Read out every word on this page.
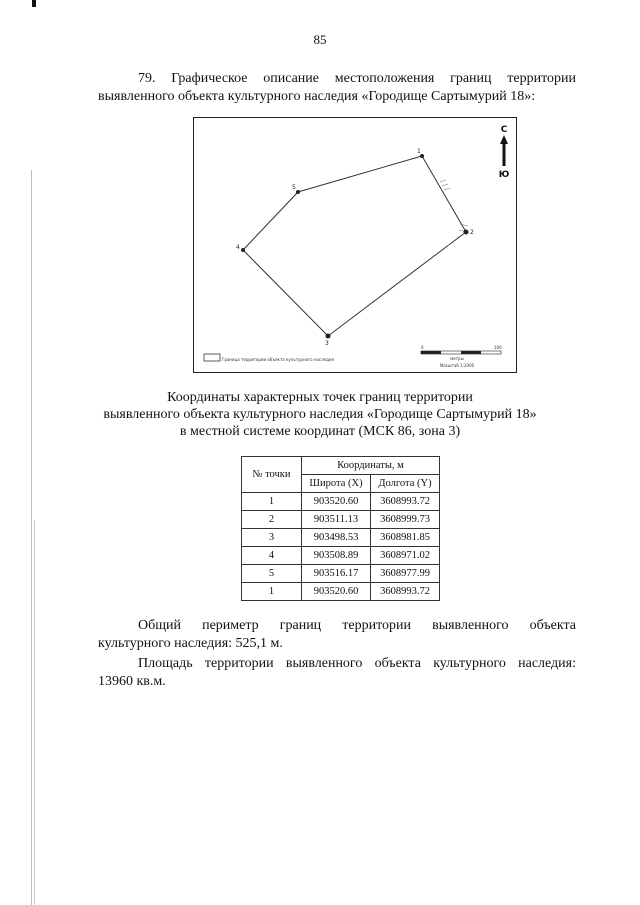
85
79. Графическое описание местоположения границ территории
выявленного объекта культурного наследия «Городище Сартымурий 18»:
1
2
3
4
5
С
Ю
Граница территории объекта культурного наследия
0	100
метры
Масштаб 1:2000
Координаты характерных точек границ территории
выявленного объекта культурного наследия «Городище Сартымурий 18»
в местной системе координат (МСК 86, зона 3)
№ точки	Координаты, м	
	Широта (X)	Долгота (Y)
1	903520.60	3608993.72
2	903511.13	3608999.73
3	903498.53	3608981.85
4	903508.89	3608971.02
5	903516.17	3608977.99
1	903520.60	3608993.72
Общий периметр границ территории выявленного объекта
культурного наследия: 525,1 м.
Площадь территории выявленного объекта культурного наследия:
13960 кв.м.
